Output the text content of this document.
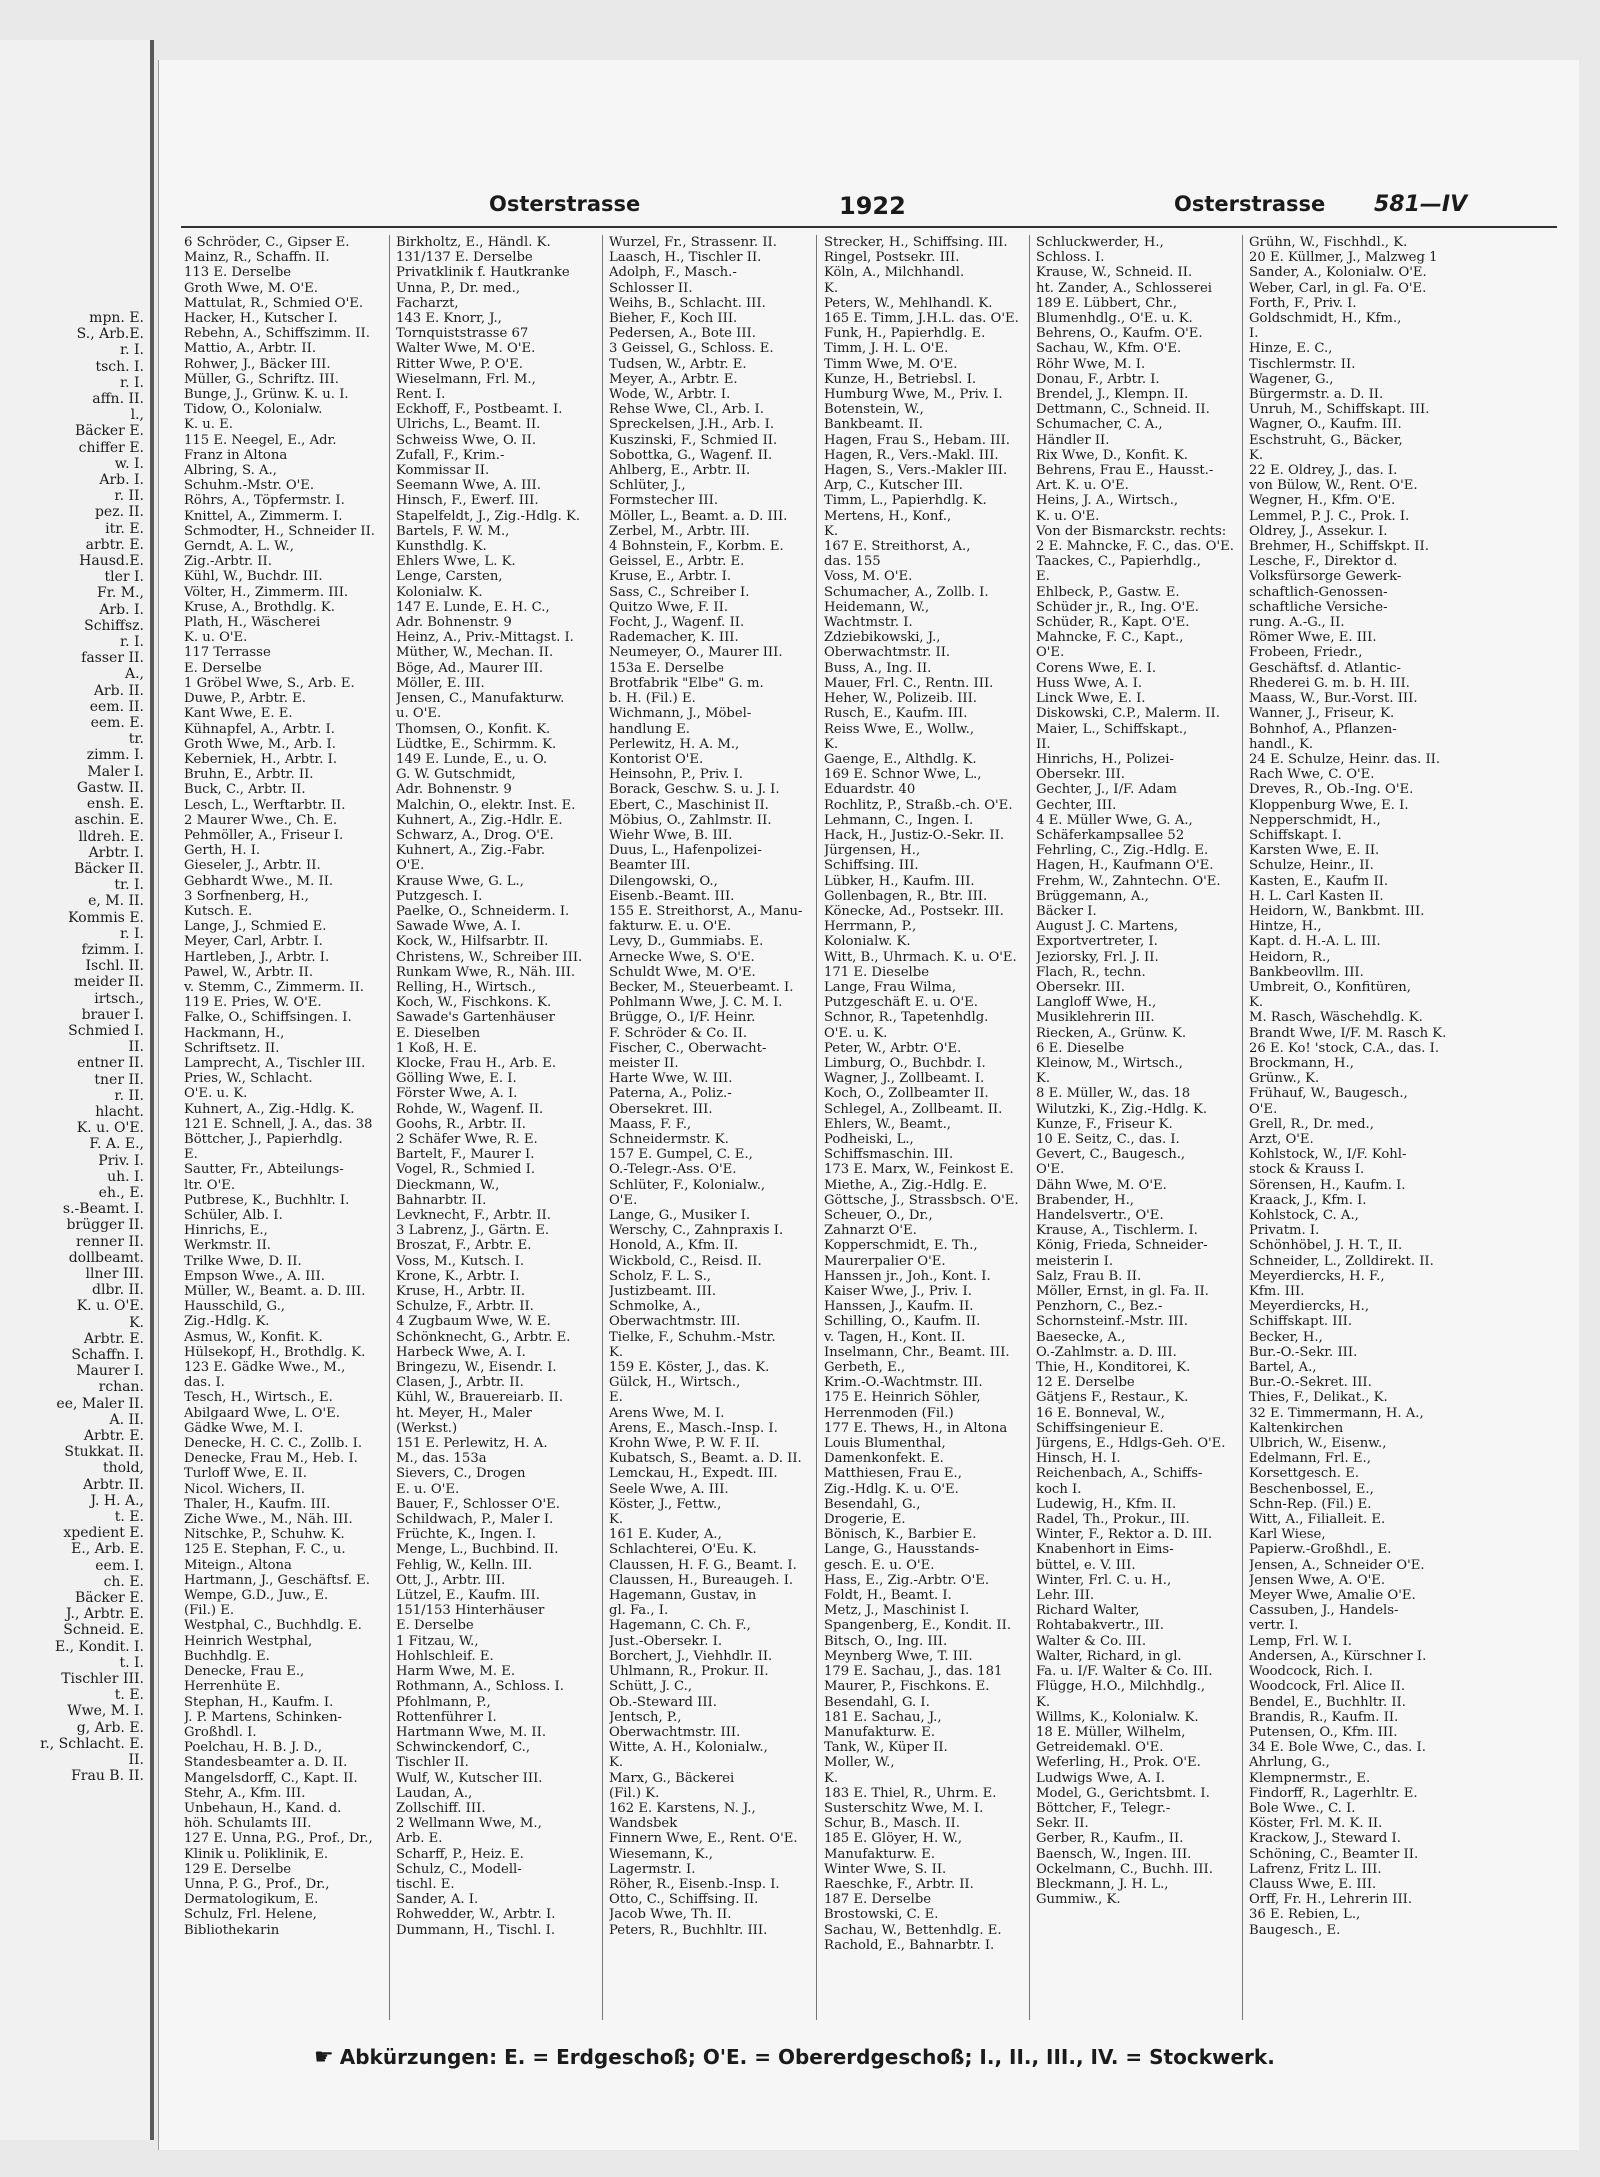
mpn. E.
S., Arb.E.
r. I.
tsch. I.
r. I.
affn. II.
l.,
Bäcker E.
chiffer E.
w. I.
Arb. I.
r. II.
pez. II.
itr. E.
arbtr. E.
Hausd.E.
tler I.
Fr. M.,
Arb. I.
Schiffsz.
r. I.
fasser II.
A.,
Arb. II.
eem. II.
eem. E.
tr.
zimm. I.
Maler I.
Gastw. II.
ensh. E.
aschin. E.
lldreh. E.
Arbtr. I.
Bäcker II.
tr. I.
e, M. II.
Kommis E.
r. I.
fzimm. I.
Ischl. II.
meider II.
irtsch.,
brauer I.
Schmied I.
II.
entner II.
tner II.
r. II.
hlacht.
K. u. O'E.
F. A. E.,
Priv. I.
uh. I.
eh., E.
s.-Beamt. I.
brügger II.
renner II.
dollbeamt.
llner III.
dlbr. II.
K. u. O'E.
K.
Arbtr. E.
Schaffn. I.
Maurer I.
rchan.
ee, Maler II.
A. II.
Arbtr. E.
Stukkat. II.
thold,
Arbtr. II.
J. H. A.,
t. E.
xpedient E.
E., Arb. E.
eem. I.
ch. E.
Bäcker E.
J., Arbtr. E.
Schneid. E.
E., Kondit. I.
t. I.
Tischler III.
t. E.
Wwe, M. I.
g, Arb. E.
r., Schlacht. E.
II.
Frau B. II.
Osterstrasse	1922	Osterstrasse 581—IV
6 Schröder, C., Gipser E.
Mainz, R., Schaffn. II.
113 E. Derselbe
Groth Wwe, M. O'E.
Mattulat, R., Schmied O'E.
Hacker, H., Kutscher I.
Rebehn, A., Schiffszimm. II.
Mattio, A., Arbtr. II.
Rohwer, J., Bäcker III.
Müller, G., Schriftz. III.
Bunge, J., Grünw. K. u. I.
Tidow, O., Kolonialw.
K. u. E.
115 E. Neegel, E., Adr.
Franz in Altona
Albring, S. A.,
Schuhm.-Mstr. O'E.
Röhrs, A., Töpfermstr. I.
Knittel, A., Zimmerm. I.
Schmodter, H., Schneider II.
Gerndt, A. L. W.,
Zig.-Arbtr. II.
Kühl, W., Buchdr. III.
Völter, H., Zimmerm. III.
Kruse, A., Brothdlg. K.
Plath, H., Wäscherei
K. u. O'E.
117 Terrasse
E. Derselbe
1 Gröbel Wwe, S., Arb. E.
Duwe, P., Arbtr. E.
Kant Wwe, E. E.
Kühnapfel, A., Arbtr. I.
Groth Wwe, M., Arb. I.
Keberniek, H., Arbtr. I.
Bruhn, E., Arbtr. II.
Buck, C., Arbtr. II.
Lesch, L., Werftarbtr. II.
2 Maurer Wwe., Ch. E.
Pehmöller, A., Friseur I.
Gerth, H. I.
Gieseler, J., Arbtr. II.
Gebhardt Wwe., M. II.
3 Sorfnenberg, H.,
Kutsch. E.
Lange, J., Schmied E.
Meyer, Carl, Arbtr. I.
Hartleben, J., Arbtr. I.
Pawel, W., Arbtr. II.
v. Stemm, C., Zimmerm. II.
119 E. Pries, W. O'E.
Falke, O., Schiffsingen. I.
Hackmann, H.,
Schriftsetz. II.
Lamprecht, A., Tischler III.
Pries, W., Schlacht.
O'E. u. K.
Kuhnert, A., Zig.-Hdlg. K.
121 E. Schnell, J. A., das. 38
Böttcher, J., Papierhdlg.
E.
Sautter, Fr., Abteilungs-
ltr. O'E.
Putbrese, K., Buchhltr. I.
Schüler, Alb. I.
Hinrichs, E.,
Werkmstr. II.
Trilke Wwe, D. II.
Empson Wwe., A. III.
Müller, W., Beamt. a. D. III.
Hausschild, G.,
Zig.-Hdlg. K.
Asmus, W., Konfit. K.
Hülsekopf, H., Brothdlg. K.
123 E. Gädke Wwe., M.,
das. I.
Tesch, H., Wirtsch., E.
Abilgaard Wwe, L. O'E.
Gädke Wwe, M. I.
Denecke, H. C. C., Zollb. I.
Denecke, Frau M., Heb. I.
Turloff Wwe, E. II.
Nicol. Wichers, II.
Thaler, H., Kaufm. III.
Ziche Wwe., M., Näh. III.
Nitschke, P., Schuhw. K.
125 E. Stephan, F. C., u.
Miteign., Altona
Hartmann, J., Geschäftsf. E.
Wempe, G.D., Juw., E.
(Fil.) E.
Westphal, C., Buchhdlg. E.
Heinrich Westphal,
Buchhdlg. E.
Denecke, Frau E.,
Herrenhüte E.
Stephan, H., Kaufm. I.
J. P. Martens, Schinken-
Großhdl. I.
Poelchau, H. B. J. D.,
Standesbeamter a. D. II.
Mangelsdorff, C., Kapt. II.
Stehr, A., Kfm. III.
Unbehaun, H., Kand. d.
höh. Schulamts III.
127 E. Unna, P.G., Prof., Dr.,
Klinik u. Poliklinik, E.
129 E. Derselbe
Unna, P. G., Prof., Dr.,
Dermatologikum, E.
Schulz, Frl. Helene,
Bibliothekarin
Birkholtz, E., Händl. K.
131/137 E. Derselbe
Privatklinik f. Hautkranke
Unna, P., Dr. med.,
Facharzt,
143 E. Knorr, J.,
Tornquiststrasse 67
Walter Wwe, M. O'E.
Ritter Wwe, P. O'E.
Wieselmann, Frl. M.,
Rent. I.
Eckhoff, F., Postbeamt. I.
Ulrichs, L., Beamt. II.
Schweiss Wwe, O. II.
Zufall, F., Krim.-
Kommissar II.
Seemann Wwe, A. III.
Hinsch, F., Ewerf. III.
Stapelfeldt, J., Zig.-Hdlg. K.
Bartels, F. W. M.,
Kunsthdlg. K.
Ehlers Wwe, L. K.
Lenge, Carsten,
Kolonialw. K.
147 E. Lunde, E. H. C.,
Adr. Bohnenstr. 9
Heinz, A., Priv.-Mittagst. I.
Müther, W., Mechan. II.
Böge, Ad., Maurer III.
Möller, E. III.
Jensen, C., Manufakturw.
u. O'E.
Thomsen, O., Konfit. K.
Lüdtke, E., Schirmm. K.
149 E. Lunde, E., u. O.
G. W. Gutschmidt,
Adr. Bohnenstr. 9
Malchin, O., elektr. Inst. E.
Kuhnert, A., Zig.-Hdlr. E.
Schwarz, A., Drog. O'E.
Kuhnert, A., Zig.-Fabr.
O'E.
Krause Wwe, G. L.,
Putzgesch. I.
Paelke, O., Schneiderm. I.
Sawade Wwe, A. I.
Kock, W., Hilfsarbtr. II.
Christens, W., Schreiber III.
Runkam Wwe, R., Näh. III.
Relling, H., Wirtsch.,
Koch, W., Fischkons. K.
Sawade's Gartenhäuser
E. Dieselben
1 Koß, H. E.
Klocke, Frau H., Arb. E.
Gölling Wwe, E. I.
Förster Wwe, A. I.
Rohde, W., Wagenf. II.
Goohs, R., Arbtr. II.
2 Schäfer Wwe, R. E.
Bartelt, F., Maurer I.
Vogel, R., Schmied I.
Dieckmann, W.,
Bahnarbtr. II.
Levknecht, F., Arbtr. II.
3 Labrenz, J., Gärtn. E.
Broszat, F., Arbtr. E.
Voss, M., Kutsch. I.
Krone, K., Arbtr. I.
Kruse, H., Arbtr. II.
Schulze, F., Arbtr. II.
4 Zugbaum Wwe, W. E.
Schönknecht, G., Arbtr. E.
Harbeck Wwe, A. I.
Bringezu, W., Eisendr. I.
Clasen, J., Arbtr. II.
Kühl, W., Brauereiarb. II.
ht. Meyer, H., Maler
(Werkst.)
151 E. Perlewitz, H. A.
M., das. 153a
Sievers, C., Drogen
E. u. O'E.
Bauer, F., Schlosser O'E.
Schildwach, P., Maler I.
Früchte, K., Ingen. I.
Menge, L., Buchbind. II.
Fehlig, W., Kelln. III.
Ott, J., Arbtr. III.
Lützel, E., Kaufm. III.
151/153 Hinterhäuser
E. Derselbe
1 Fitzau, W.,
Hohlschleif. E.
Harm Wwe, M. E.
Rothmann, A., Schloss. I.
Pfohlmann, P.,
Rottenführer I.
Hartmann Wwe, M. II.
Schwinckendorf, C.,
Tischler II.
Wulf, W., Kutscher III.
Laudan, A.,
Zollschiff. III.
2 Wellmann Wwe, M.,
Arb. E.
Scharff, P., Heiz. E.
Schulz, C., Modell-
tischl. E.
Sander, A. I.
Rohwedder, W., Arbtr. I.
Dummann, H., Tischl. I.
Wurzel, Fr., Strassenr. II.
Laasch, H., Tischler II.
Adolph, F., Masch.-
Schlosser II.
Weihs, B., Schlacht. III.
Bieher, F., Koch III.
Pedersen, A., Bote III.
3 Geissel, G., Schloss. E.
Tudsen, W., Arbtr. E.
Meyer, A., Arbtr. E.
Wode, W., Arbtr. I.
Rehse Wwe, Cl., Arb. I.
Spreckelsen, J.H., Arb. I.
Kuszinski, F., Schmied II.
Sobottka, G., Wagenf. II.
Ahlberg, E., Arbtr. II.
Schlüter, J.,
Formstecher III.
Möller, L., Beamt. a. D. III.
Zerbel, M., Arbtr. III.
4 Bohnstein, F., Korbm. E.
Geissel, E., Arbtr. E.
Kruse, E., Arbtr. I.
Sass, C., Schreiber I.
Quitzo Wwe, F. II.
Focht, J., Wagenf. II.
Rademacher, K. III.
Neumeyer, O., Maurer III.
153a E. Derselbe
Brotfabrik "Elbe" G. m.
b. H. (Fil.) E.
Wichmann, J., Möbel-
handlung E.
Perlewitz, H. A. M.,
Kontorist O'E.
Heinsohn, P., Priv. I.
Borack, Geschw. S. u. J. I.
Ebert, C., Maschinist II.
Möbius, O., Zahlmstr. II.
Wiehr Wwe, B. III.
Duus, L., Hafenpolizei-
Beamter III.
Dilengowski, O.,
Eisenb.-Beamt. III.
155 E. Streithorst, A., Manu-
fakturw. E. u. O'E.
Levy, D., Gummiabs. E.
Arnecke Wwe, S. O'E.
Schuldt Wwe, M. O'E.
Becker, M., Steuerbeamt. I.
Pohlmann Wwe, J. C. M. I.
Brügge, O., I/F. Heinr.
F. Schröder & Co. II.
Fischer, C., Oberwacht-
meister II.
Harte Wwe, W. III.
Paterna, A., Poliz.-
Obersekret. III.
Maass, F. F.,
Schneidermstr. K.
157 E. Gumpel, C. E.,
O.-Telegr.-Ass. O'E.
Schlüter, F., Kolonialw.,
O'E.
Lange, G., Musiker I.
Werschy, C., Zahnpraxis I.
Honold, A., Kfm. II.
Wickbold, C., Reisd. II.
Scholz, F. L. S.,
Justizbeamt. III.
Schmolke, A.,
Oberwachtmstr. III.
Tielke, F., Schuhm.-Mstr.
K.
159 E. Köster, J., das. K.
Gülck, H., Wirtsch.,
E.
Arens Wwe, M. I.
Arens, E., Masch.-Insp. I.
Krohn Wwe, P. W. F. II.
Kubatsch, S., Beamt. a. D. II.
Lemckau, H., Expedt. III.
Seele Wwe, A. III.
Köster, J., Fettw.,
K.
161 E. Kuder, A.,
Schlachterei, O'Eu. K.
Claussen, H. F. G., Beamt. I.
Claussen, H., Bureaugeh. I.
Hagemann, Gustav, in
gl. Fa., I.
Hagemann, C. Ch. F.,
Just.-Obersekr. I.
Borchert, J., Viehhdlr. II.
Uhlmann, R., Prokur. II.
Schütt, J. C.,
Ob.-Steward III.
Jentsch, P.,
Oberwachtmstr. III.
Witte, A. H., Kolonialw.,
K.
Marx, G., Bäckerei
(Fil.) K.
162 E. Karstens, N. J.,
Wandsbek
Finnern Wwe, E., Rent. O'E.
Wiesemann, K.,
Lagermstr. I.
Röher, R., Eisenb.-Insp. I.
Otto, C., Schiffsing. II.
Jacob Wwe, Th. II.
Peters, R., Buchhltr. III.
Strecker, H., Schiffsing. III.
Ringel, Postsekr. III.
Köln, A., Milchhandl.
K.
Peters, W., Mehlhandl. K.
165 E. Timm, J.H.L. das. O'E.
Funk, H., Papierhdlg. E.
Timm, J. H. L. O'E.
Timm Wwe, M. O'E.
Kunze, H., Betriebsl. I.
Humburg Wwe, M., Priv. I.
Botenstein, W.,
Bankbeamt. II.
Hagen, Frau S., Hebam. III.
Hagen, R., Vers.-Makl. III.
Hagen, S., Vers.-Makler III.
Arp, C., Kutscher III.
Timm, L., Papierhdlg. K.
Mertens, H., Konf.,
K.
167 E. Streithorst, A.,
das. 155
Voss, M. O'E.
Schumacher, A., Zollb. I.
Heidemann, W.,
Wachtmstr. I.
Zdziebikowski, J.,
Oberwachtmstr. II.
Buss, A., Ing. II.
Mauer, Frl. C., Rentn. III.
Heher, W., Polizeib. III.
Rusch, E., Kaufm. III.
Reiss Wwe, E., Wollw.,
K.
Gaenge, E., Althdlg. K.
169 E. Schnor Wwe, L.,
Eduardstr. 40
Rochlitz, P., Straßb.-ch. O'E.
Lehmann, C., Ingen. I.
Hack, H., Justiz-O.-Sekr. II.
Jürgensen, H.,
Schiffsing. III.
Lübker, H., Kaufm. III.
Gollenbagen, R., Btr. III.
Könecke, Ad., Postsekr. III.
Herrmann, P.,
Kolonialw. K.
Witt, B., Uhrmach. K. u. O'E.
171 E. Dieselbe
Lange, Frau Wilma,
Putzgeschäft E. u. O'E.
Schnor, R., Tapetenhdlg.
O'E. u. K.
Peter, W., Arbtr. O'E.
Limburg, O., Buchbdr. I.
Wagner, J., Zollbeamt. I.
Koch, O., Zollbeamter II.
Schlegel, A., Zollbeamt. II.
Ehlers, W., Beamt.,
Podheiski, L.,
Schiffsmaschin. III.
173 E. Marx, W., Feinkost E.
Miethe, A., Zig.-Hdlg. E.
Göttsche, J., Strassbsch. O'E.
Scheuer, O., Dr.,
Zahnarzt O'E.
Kopperschmidt, E. Th.,
Maurerpalier O'E.
Hanssen jr., Joh., Kont. I.
Kaiser Wwe, J., Priv. I.
Hanssen, J., Kaufm. II.
Schilling, O., Kaufm. II.
v. Tagen, H., Kont. II.
Inselmann, Chr., Beamt. III.
Gerbeth, E.,
Krim.-O.-Wachtmstr. III.
175 E. Heinrich Söhler,
Herrenmoden (Fil.)
177 E. Thews, H., in Altona
Louis Blumenthal,
Damenkonfekt. E.
Matthiesen, Frau E.,
Zig.-Hdlg. K. u. O'E.
Besendahl, G.,
Drogerie, E.
Bönisch, K., Barbier E.
Lange, G., Hausstands-
gesch. E. u. O'E.
Hass, E., Zig.-Arbtr. O'E.
Foldt, H., Beamt. I.
Metz, J., Maschinist I.
Spangenberg, E., Kondit. II.
Bitsch, O., Ing. III.
Meynberg Wwe, T. III.
179 E. Sachau, J., das. 181
Maurer, P., Fischkons. E.
Besendahl, G. I.
181 E. Sachau, J.,
Manufakturw. E.
Tank, W., Küper II.
Moller, W.,
K.
183 E. Thiel, R., Uhrm. E.
Susterschitz Wwe, M. I.
Schur, B., Masch. II.
185 E. Glöyer, H. W.,
Manufakturw. E.
Winter Wwe, S. II.
Raeschke, F., Arbtr. II.
187 E. Derselbe
Brostowski, C. E.
Sachau, W., Bettenhdlg. E.
Rachold, E., Bahnarbtr. I.
Schluckwerder, H.,
Schloss. I.
Krause, W., Schneid. II.
ht. Zander, A., Schlosserei
189 E. Lübbert, Chr.,
Blumenhdlg., O'E. u. K.
Behrens, O., Kaufm. O'E.
Sachau, W., Kfm. O'E.
Röhr Wwe, M. I.
Donau, F., Arbtr. I.
Brendel, J., Klempn. II.
Dettmann, C., Schneid. II.
Schumacher, C. A.,
Händler II.
Rix Wwe, D., Konfit. K.
Behrens, Frau E., Hausst.-
Art. K. u. O'E.
Heins, J. A., Wirtsch.,
K. u. O'E.
Von der Bismarckstr. rechts:
2 E. Mahncke, F. C., das. O'E.
Taackes, C., Papierhdlg.,
E.
Ehlbeck, P., Gastw. E.
Schüder jr., R., Ing. O'E.
Schüder, R., Kapt. O'E.
Mahncke, F. C., Kapt.,
O'E.
Corens Wwe, E. I.
Huss Wwe, A. I.
Linck Wwe, E. I.
Diskowski, C.P., Malerm. II.
Maier, L., Schiffskapt.,
II.
Hinrichs, H., Polizei-
Obersekr. III.
Gechter, J., I/F. Adam
Gechter, III.
4 E. Müller Wwe, G. A.,
Schäferkampsallee 52
Fehrling, C., Zig.-Hdlg. E.
Hagen, H., Kaufmann O'E.
Frehm, W., Zahntechn. O'E.
Brüggemann, A.,
Bäcker I.
August J. C. Martens,
Exportvertreter, I.
Jeziorsky, Frl. J. II.
Flach, R., techn.
Obersekr. III.
Langloff Wwe, H.,
Musiklehrerin III.
Riecken, A., Grünw. K.
6 E. Dieselbe
Kleinow, M., Wirtsch.,
K.
8 E. Müller, W., das. 18
Wilutzki, K., Zig.-Hdlg. K.
Kunze, F., Friseur K.
10 E. Seitz, C., das. I.
Gevert, C., Baugesch.,
O'E.
Dähn Wwe, M. O'E.
Brabender, H.,
Handelsvertr., O'E.
Krause, A., Tischlerm. I.
König, Frieda, Schneider-
meisterin I.
Salz, Frau B. II.
Möller, Ernst, in gl. Fa. II.
Penzhorn, C., Bez.-
Schornsteinf.-Mstr. III.
Baesecke, A.,
O.-Zahlmstr. a. D. III.
Thie, H., Konditorei, K.
12 E. Derselbe
Gätjens F., Restaur., K.
16 E. Bonneval, W.,
Schiffsingenieur E.
Jürgens, E., Hdlgs-Geh. O'E.
Hinsch, H. I.
Reichenbach, A., Schiffs-
koch I.
Ludewig, H., Kfm. II.
Radel, Th., Prokur., III.
Winter, F., Rektor a. D. III.
Knabenhort in Eims-
büttel, e. V. III.
Winter, Frl. C. u. H.,
Lehr. III.
Richard Walter,
Rohtabakvertr., III.
Walter & Co. III.
Walter, Richard, in gl.
Fa. u. I/F. Walter & Co. III.
Flügge, H.O., Milchhdlg.,
K.
Willms, K., Kolonialw. K.
18 E. Müller, Wilhelm,
Getreidemakl. O'E.
Weferling, H., Prok. O'E.
Ludwigs Wwe, A. I.
Model, G., Gerichtsbmt. I.
Böttcher, F., Telegr.-
Sekr. II.
Gerber, R., Kaufm., II.
Baensch, W., Ingen. III.
Ockelmann, C., Buchh. III.
Bleckmann, J. H. L.,
Gummiw., K.
Grühn, W., Fischhdl., K.
20 E. Küllmer, J., Malzweg 1
Sander, A., Kolonialw. O'E.
Weber, Carl, in gl. Fa. O'E.
Forth, F., Priv. I.
Goldschmidt, H., Kfm.,
I.
Hinze, E. C.,
Tischlermstr. II.
Wagener, G.,
Bürgermstr. a. D. II.
Unruh, M., Schiffskapt. III.
Wagner, O., Kaufm. III.
Eschstruht, G., Bäcker,
K.
22 E. Oldrey, J., das. I.
von Bülow, W., Rent. O'E.
Wegner, H., Kfm. O'E.
Lemmel, P. J. C., Prok. I.
Oldrey, J., Assekur. I.
Brehmer, H., Schiffskpt. II.
Lesche, F., Direktor d.
Volksfürsorge Gewerk-
schaftlich-Genossen-
schaftliche Versiche-
rung. A.-G., II.
Römer Wwe, E. III.
Frobeen, Friedr.,
Geschäftsf. d. Atlantic-
Rhederei G. m. b. H. III.
Maass, W., Bur.-Vorst. III.
Wanner, J., Friseur, K.
Bohnhof, A., Pflanzen-
handl., K.
24 E. Schulze, Heinr. das. II.
Rach Wwe, C. O'E.
Dreves, R., Ob.-Ing. O'E.
Kloppenburg Wwe, E. I.
Nepperschmidt, H.,
Schiffskapt. I.
Karsten Wwe, E. II.
Schulze, Heinr., II.
Kasten, E., Kaufm II.
H. L. Carl Kasten II.
Heidorn, W., Bankbmt. III.
Hintze, H.,
Kapt. d. H.-A. L. III.
Heidorn, R.,
Bankbeovllm. III.
Umbreit, O., Konfitüren,
K.
M. Rasch, Wäschehdlg. K.
Brandt Wwe, I/F. M. Rasch K.
26 E. Ko! 'stock, C.A., das. I.
Brockmann, H.,
Grünw., K.
Frühauf, W., Baugesch.,
O'E.
Grell, R., Dr. med.,
Arzt, O'E.
Kohlstock, W., I/F. Kohl-
stock & Krauss I.
Sörensen, H., Kaufm. I.
Kraack, J., Kfm. I.
Kohlstock, C. A.,
Privatm. I.
Schönhöbel, J. H. T., II.
Schneider, L., Zolldirekt. II.
Meyerdiercks, H. F.,
Kfm. III.
Meyerdiercks, H.,
Schiffskapt. III.
Becker, H.,
Bur.-O.-Sekr. III.
Bartel, A.,
Bur.-O.-Sekret. III.
Thies, F., Delikat., K.
32 E. Timmermann, H. A.,
Kaltenkirchen
Ulbrich, W., Eisenw.,
Edelmann, Frl. E.,
Korsettgesch. E.
Beschenbossel, E.,
Schn-Rep. (Fil.) E.
Witt, A., Filialleit. E.
Karl Wiese,
Papierw.-Großhdl., E.
Jensen, A., Schneider O'E.
Jensen Wwe, A. O'E.
Meyer Wwe, Amalie O'E.
Cassuben, J., Handels-
vertr. I.
Lemp, Frl. W. I.
Andersen, A., Kürschner I.
Woodcock, Rich. I.
Woodcock, Frl. Alice II.
Bendel, E., Buchhltr. II.
Brandis, R., Kaufm. II.
Putensen, O., Kfm. III.
34 E. Bole Wwe, C., das. I.
Ahrlung, G.,
Klempnermstr., E.
Findorff, R., Lagerhltr. E.
Bole Wwe., C. I.
Köster, Frl. M. K. II.
Krackow, J., Steward I.
Schöning, C., Beamter II.
Lafrenz, Fritz L. III.
Clauss Wwe, E. III.
Orff, Fr. H., Lehrerin III.
36 E. Rebien, L.,
Baugesch., E.
☛ Abkürzungen: E. = Erdgeschoß; O'E. = Obererdgeschoß; I., II., III., IV. = Stockwerk.
